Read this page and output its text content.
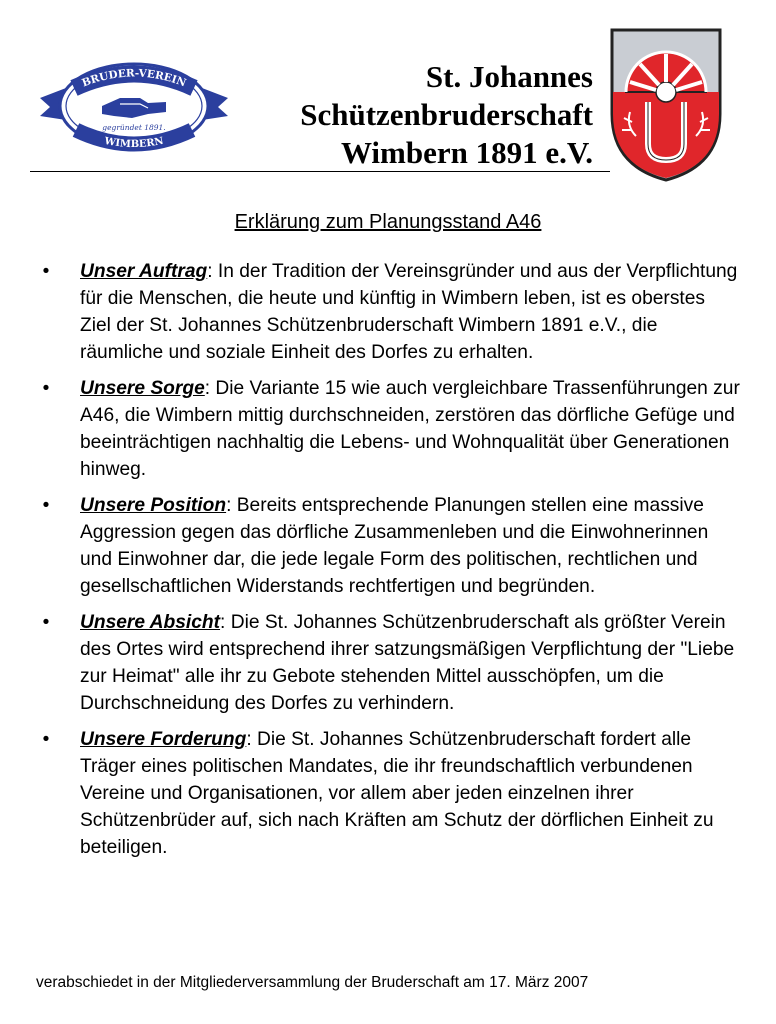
BRUDER-VEREIN
gegründet 1891.
WIMBERN
St. Johannes
Schützenbruderschaft
Wimbern 1891 e.V.
Erklärung zum Planungsstand A46
•	Unser Auftrag: In der Tradition der Vereinsgründer und aus der Verpflichtung für die Menschen, die heute und künftig in Wimbern leben, ist es oberstes Ziel der St. Johannes Schützenbruderschaft Wimbern 1891 e.V., die räumliche und soziale Einheit des Dorfes zu erhalten.
•	Unsere Sorge: Die Variante 15 wie auch vergleichbare Trassenführungen zur A46, die Wimbern mittig durchschneiden, zerstören das dörfliche Gefüge und beeinträchtigen nachhaltig die Lebens- und Wohnqualität über Generationen hinweg.
•	Unsere Position: Bereits entsprechende Planungen stellen eine massive Aggression gegen das dörfliche Zusammenleben und die Einwohnerinnen und Einwohner dar, die jede legale Form des politischen, rechtlichen und gesellschaftlichen Widerstands rechtfertigen und begründen.
•	Unsere Absicht: Die St. Johannes Schützenbruderschaft als größter Verein des Ortes wird entsprechend ihrer satzungsmäßigen Verpflichtung der "Liebe zur Heimat" alle ihr zu Gebote stehenden Mittel ausschöpfen, um die Durchschneidung des Dorfes zu verhindern.
•	Unsere Forderung: Die St. Johannes Schützenbruderschaft fordert alle Träger eines politischen Mandates, die ihr freundschaftlich verbundenen Vereine und Organisationen, vor allem aber jeden einzelnen ihrer Schützenbrüder auf, sich nach Kräften am Schutz der dörflichen Einheit zu beteiligen.
verabschiedet in der Mitgliederversammlung der Bruderschaft am 17. März 2007
